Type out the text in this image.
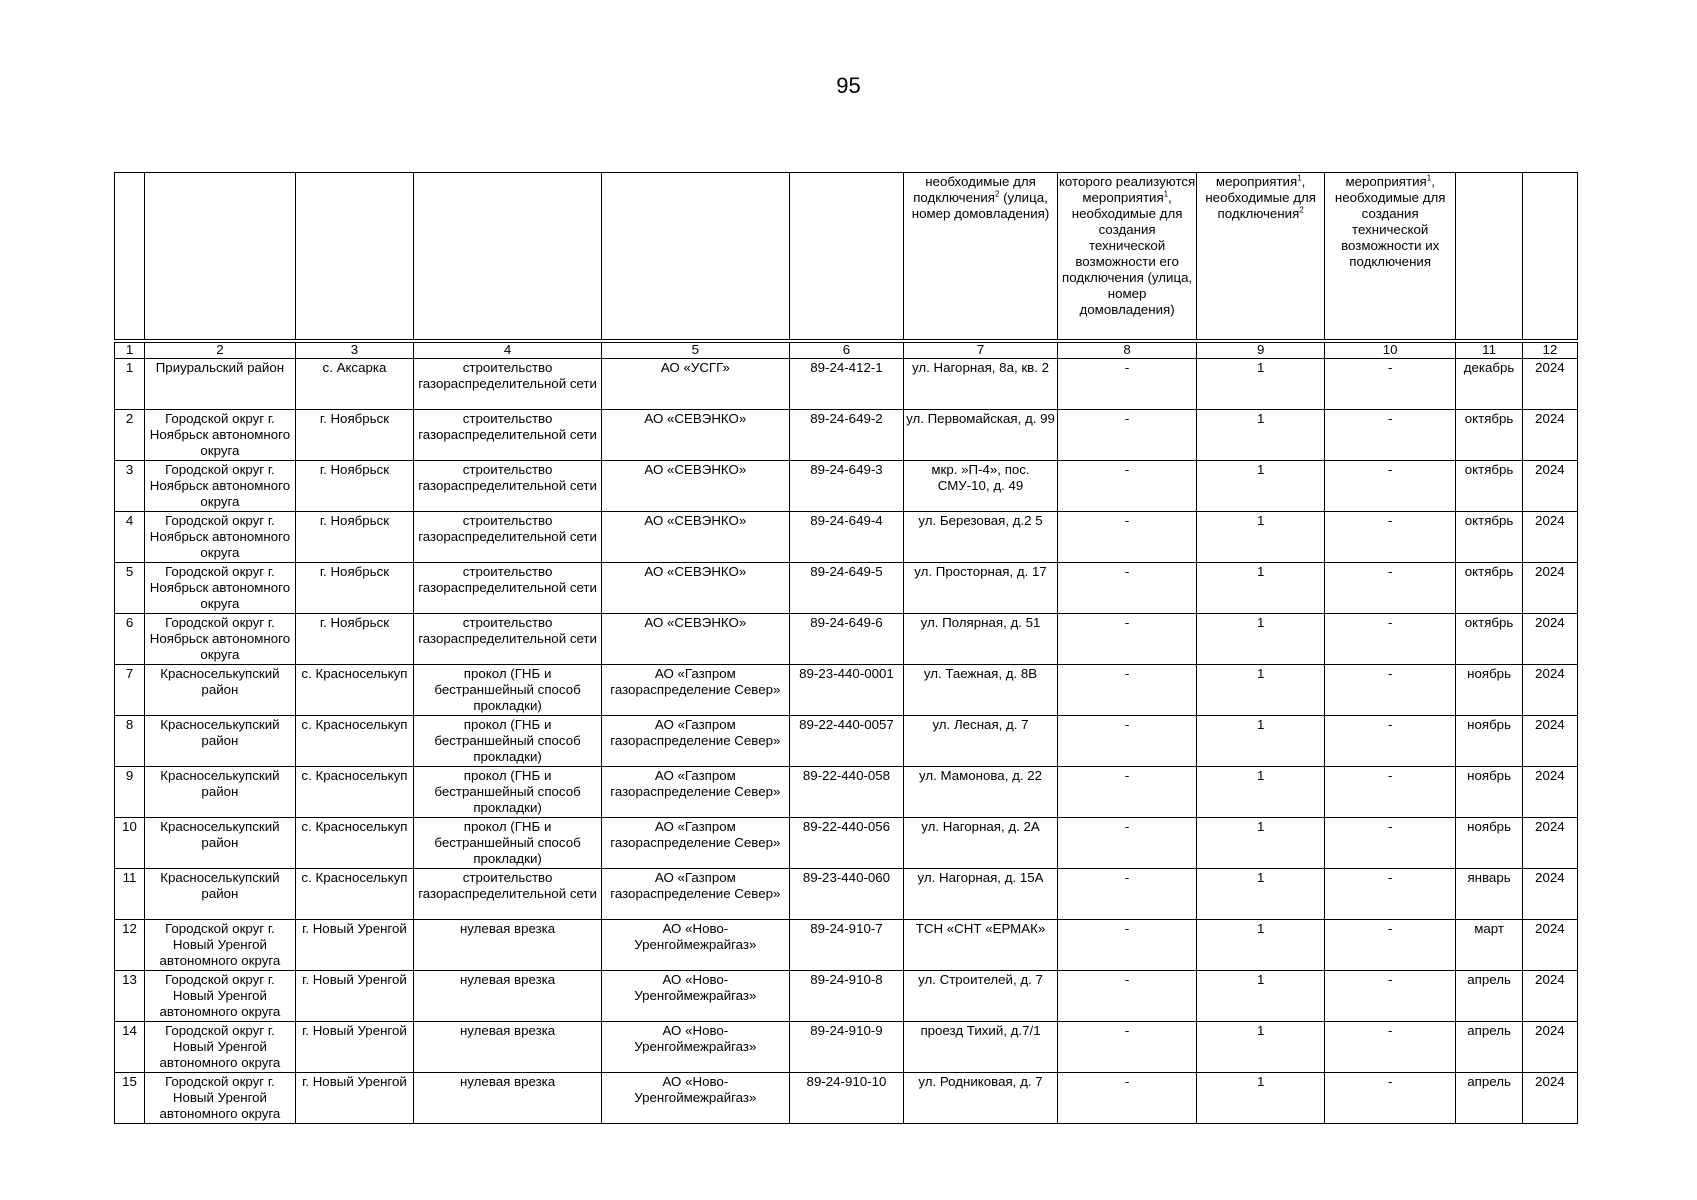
95
						необходимые для подключения$^2$ (улица, номер домовладения)	которого реализуются мероприятия$^1$, необходимые для создания технической возможности его подключения (улица, номер домовладения)	мероприятия$^1$, необходимые для подключения$^2$	мероприятия$^1$, необходимые для создания технической возможности их подключения		

1	2	3	4	5	6	7	8	9	10	11	12
1	Приуральский район	с. Аксарка	строительство газораспределительной сети	АО «УСГГ»	89-24-412-1	ул. Нагорная, 8а, кв. 2	-	1	-	декабрь	2024
2	Городской округ г. Ноябрьск автономного округа	г. Ноябрьск	строительство газораспределительной сети	АО «СЕВЭНКО»	89-24-649-2	ул. Первомайская, д. 99	-	1	-	октябрь	2024
3	Городской округ г. Ноябрьск автономного округа	г. Ноябрьск	строительство газораспределительной сети	АО «СЕВЭНКО»	89-24-649-3	мкр. »П-4», пос. СМУ-10, д. 49	-	1	-	октябрь	2024
4	Городской округ г. Ноябрьск автономного округа	г. Ноябрьск	строительство газораспределительной сети	АО «СЕВЭНКО»	89-24-649-4	ул. Березовая, д.2 5	-	1	-	октябрь	2024
5	Городской округ г. Ноябрьск автономного округа	г. Ноябрьск	строительство газораспределительной сети	АО «СЕВЭНКО»	89-24-649-5	ул. Просторная, д. 17	-	1	-	октябрь	2024
6	Городской округ г. Ноябрьск автономного округа	г. Ноябрьск	строительство газораспределительной сети	АО «СЕВЭНКО»	89-24-649-6	ул. Полярная, д. 51	-	1	-	октябрь	2024
7	Красноселькупский район	с. Красноселькуп	прокол (ГНБ и бестраншейный способ прокладки)	АО «Газпром газораспределение Север»	89-23-440-0001	ул. Таежная, д. 8В	-	1	-	ноябрь	2024
8	Красноселькупский район	с. Красноселькуп	прокол (ГНБ и бестраншейный способ прокладки)	АО «Газпром газораспределение Север»	89-22-440-0057	ул. Лесная, д. 7	-	1	-	ноябрь	2024
9	Красноселькупский район	с. Красноселькуп	прокол (ГНБ и бестраншейный способ прокладки)	АО «Газпром газораспределение Север»	89-22-440-058	ул. Мамонова, д. 22	-	1	-	ноябрь	2024
10	Красноселькупский район	с. Красноселькуп	прокол (ГНБ и бестраншейный способ прокладки)	АО «Газпром газораспределение Север»	89-22-440-056	ул. Нагорная, д. 2А	-	1	-	ноябрь	2024
11	Красноселькупский район	с. Красноселькуп	строительство газораспределительной сети	АО «Газпром газораспределение Север»	89-23-440-060	ул. Нагорная, д. 15А	-	1	-	январь	2024
12	Городской округ г. Новый Уренгой автономного округа	г. Новый Уренгой	нулевая врезка	АО «Ново-Уренгоймежрайгаз»	89-24-910-7	ТСН «СНТ «ЕРМАК»	-	1	-	март	2024
13	Городской округ г. Новый Уренгой автономного округа	г. Новый Уренгой	нулевая врезка	АО «Ново-Уренгоймежрайгаз»	89-24-910-8	ул. Строителей, д. 7	-	1	-	апрель	2024
14	Городской округ г. Новый Уренгой автономного округа	г. Новый Уренгой	нулевая врезка	АО «Ново-Уренгоймежрайгаз»	89-24-910-9	проезд Тихий, д.7/1	-	1	-	апрель	2024
15	Городской округ г. Новый Уренгой автономного округа	г. Новый Уренгой	нулевая врезка	АО «Ново-Уренгоймежрайгаз»	89-24-910-10	ул. Родниковая, д. 7	-	1	-	апрель	2024
